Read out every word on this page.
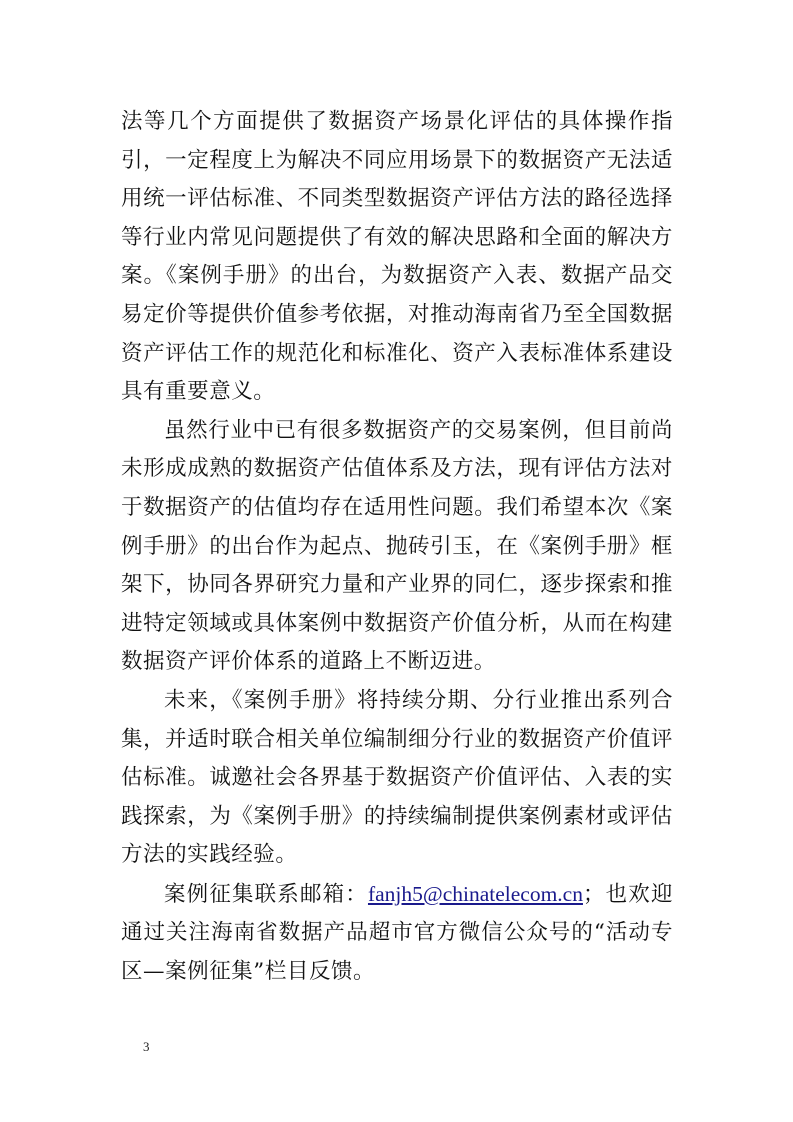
法等几个方面提供了数据资产场景化评估的具体操作指引，一定程度上为解决不同应用场景下的数据资产无法适用统一评估标准、不同类型数据资产评估方法的路径选择等行业内常见问题提供了有效的解决思路和全面的解决方案。《案例手册》的出台，为数据资产入表、数据产品交易定价等提供价值参考依据，对推动海南省乃至全国数据资产评估工作的规范化和标准化、资产入表标准体系建设具有重要意义。

虽然行业中已有很多数据资产的交易案例，但目前尚未形成成熟的数据资产估值体系及方法，现有评估方法对于数据资产的估值均存在适用性问题。我们希望本次《案例手册》的出台作为起点、抛砖引玉，在《案例手册》框架下，协同各界研究力量和产业界的同仁，逐步探索和推进特定领域或具体案例中数据资产价值分析，从而在构建数据资产评价体系的道路上不断迈进。

未来，《案例手册》将持续分期、分行业推出系列合集，并适时联合相关单位编制细分行业的数据资产价值评估标准。诚邀社会各界基于数据资产价值评估、入表的实践探索，为《案例手册》的持续编制提供案例素材或评估方法的实践经验。

案例征集联系邮箱：fanjh5@chinatelecom.cn；也欢迎通过关注海南省数据产品超市官方微信公众号的“活动专区—案例征集”栏目反馈。

3
